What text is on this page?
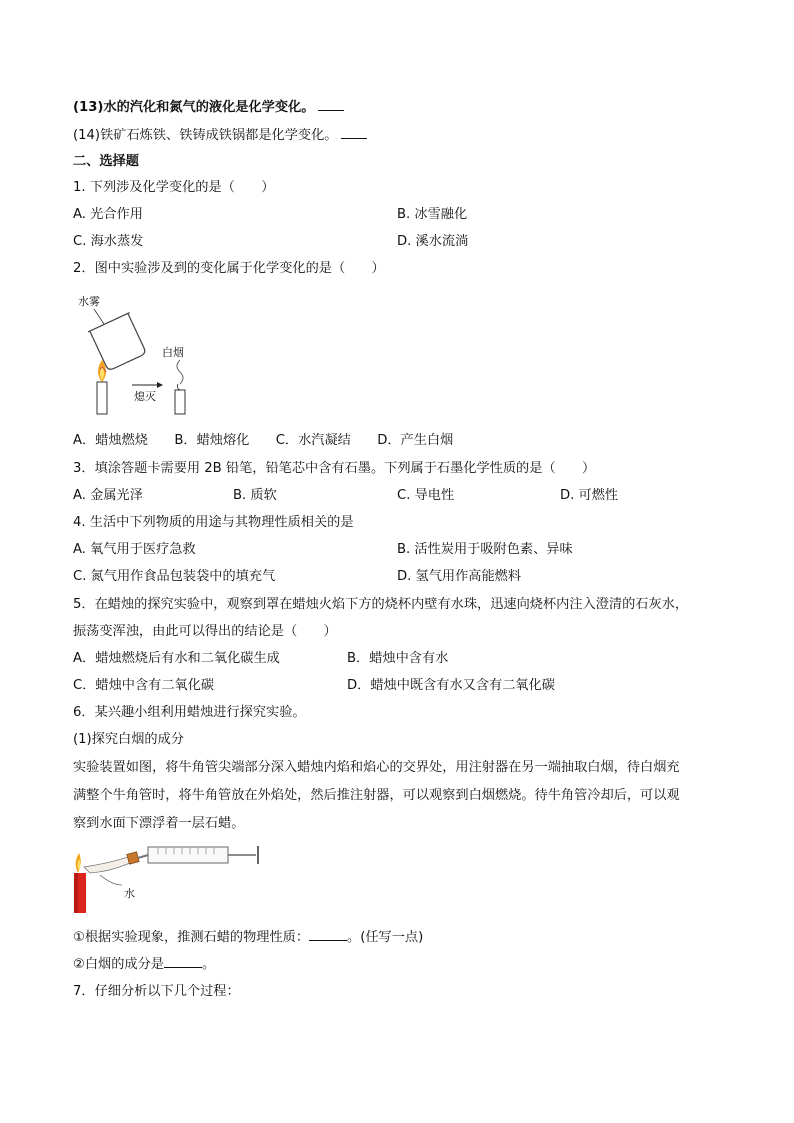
(13)水的汽化和氮气的液化是化学变化。
(14)铁矿石炼铁、铁铸成铁锅都是化学变化。
二、选择题
1. 下列涉及化学变化的是（　　）
A. 光合作用	B. 冰雪融化
C. 海水蒸发	D. 溪水流淌
2．图中实验涉及到的变化属于化学变化的是（　　）
水雾
熄灭
白烟
A．蜡烛燃烧　　B．蜡烛熔化　　C．水汽凝结　　D．产生白烟
3．填涂答题卡需要用 2B 铅笔，铅笔芯中含有石墨。下列属于石墨化学性质的是（　　）
A. 金属光泽	B. 质软	C. 导电性	D. 可燃性
4. 生活中下列物质的用途与其物理性质相关的是
A. 氧气用于医疗急救	B. 活性炭用于吸附色素、异味
C. 氮气用作食品包装袋中的填充气	D. 氢气用作高能燃料
5．在蜡烛的探究实验中，观察到罩在蜡烛火焰下方的烧杯内壁有水珠，迅速向烧杯内注入澄清的石灰水，
振荡变浑浊，由此可以得出的结论是（　　）
A．蜡烛燃烧后有水和二氧化碳生成	B．蜡烛中含有水
C．蜡烛中含有二氧化碳	D．蜡烛中既含有水又含有二氧化碳
6．某兴趣小组利用蜡烛进行探究实验。
(1)探究白烟的成分
实验装置如图，将牛角管尖端部分深入蜡烛内焰和焰心的交界处，用注射器在另一端抽取白烟，待白烟充
满整个牛角管时，将牛角管放在外焰处，然后推注射器，可以观察到白烟燃烧。待牛角管冷却后，可以观
察到水面下漂浮着一层石蜡。
水
①根据实验现象，推测石蜡的物理性质：	。(任写一点)
②白烟的成分是	。
7．仔细分析以下几个过程：
